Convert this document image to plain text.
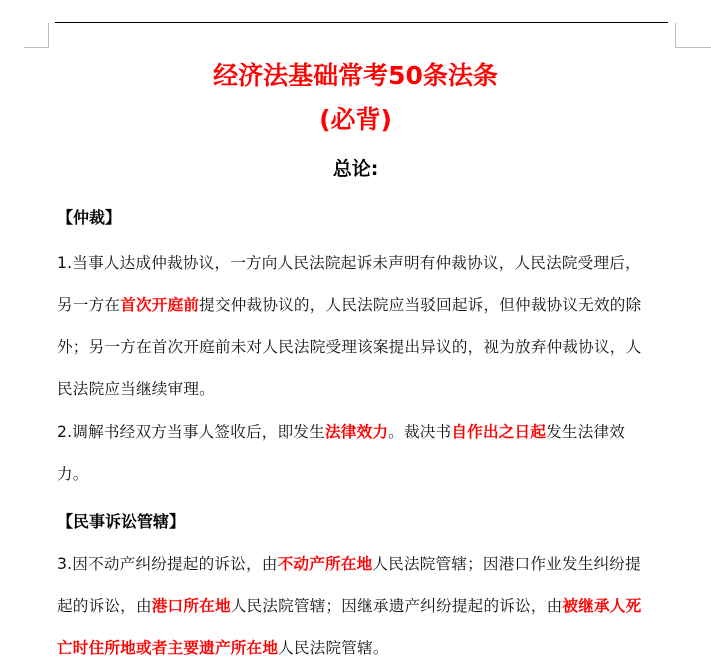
经济法基础常考50条法条
(必背)
总论:
【仲裁】
【民事诉讼管辖】
1.当事人达成仲裁协议，一方向人民法院起诉未声明有仲裁协议，人民法院受理后，
另一方在首次开庭前提交仲裁协议的，人民法院应当驳回起诉，但仲裁协议无效的除
外；另一方在首次开庭前未对人民法院受理该案提出异议的，视为放弃仲裁协议，人
民法院应当继续审理。
2.调解书经双方当事人签收后，即发生法律效力。裁决书自作出之日起发生法律效
力。
3.因不动产纠纷提起的诉讼，由不动产所在地人民法院管辖；因港口作业发生纠纷提
起的诉讼，由港口所在地人民法院管辖；因继承遗产纠纷提起的诉讼，由被继承人死
亡时住所地或者主要遗产所在地人民法院管辖。
